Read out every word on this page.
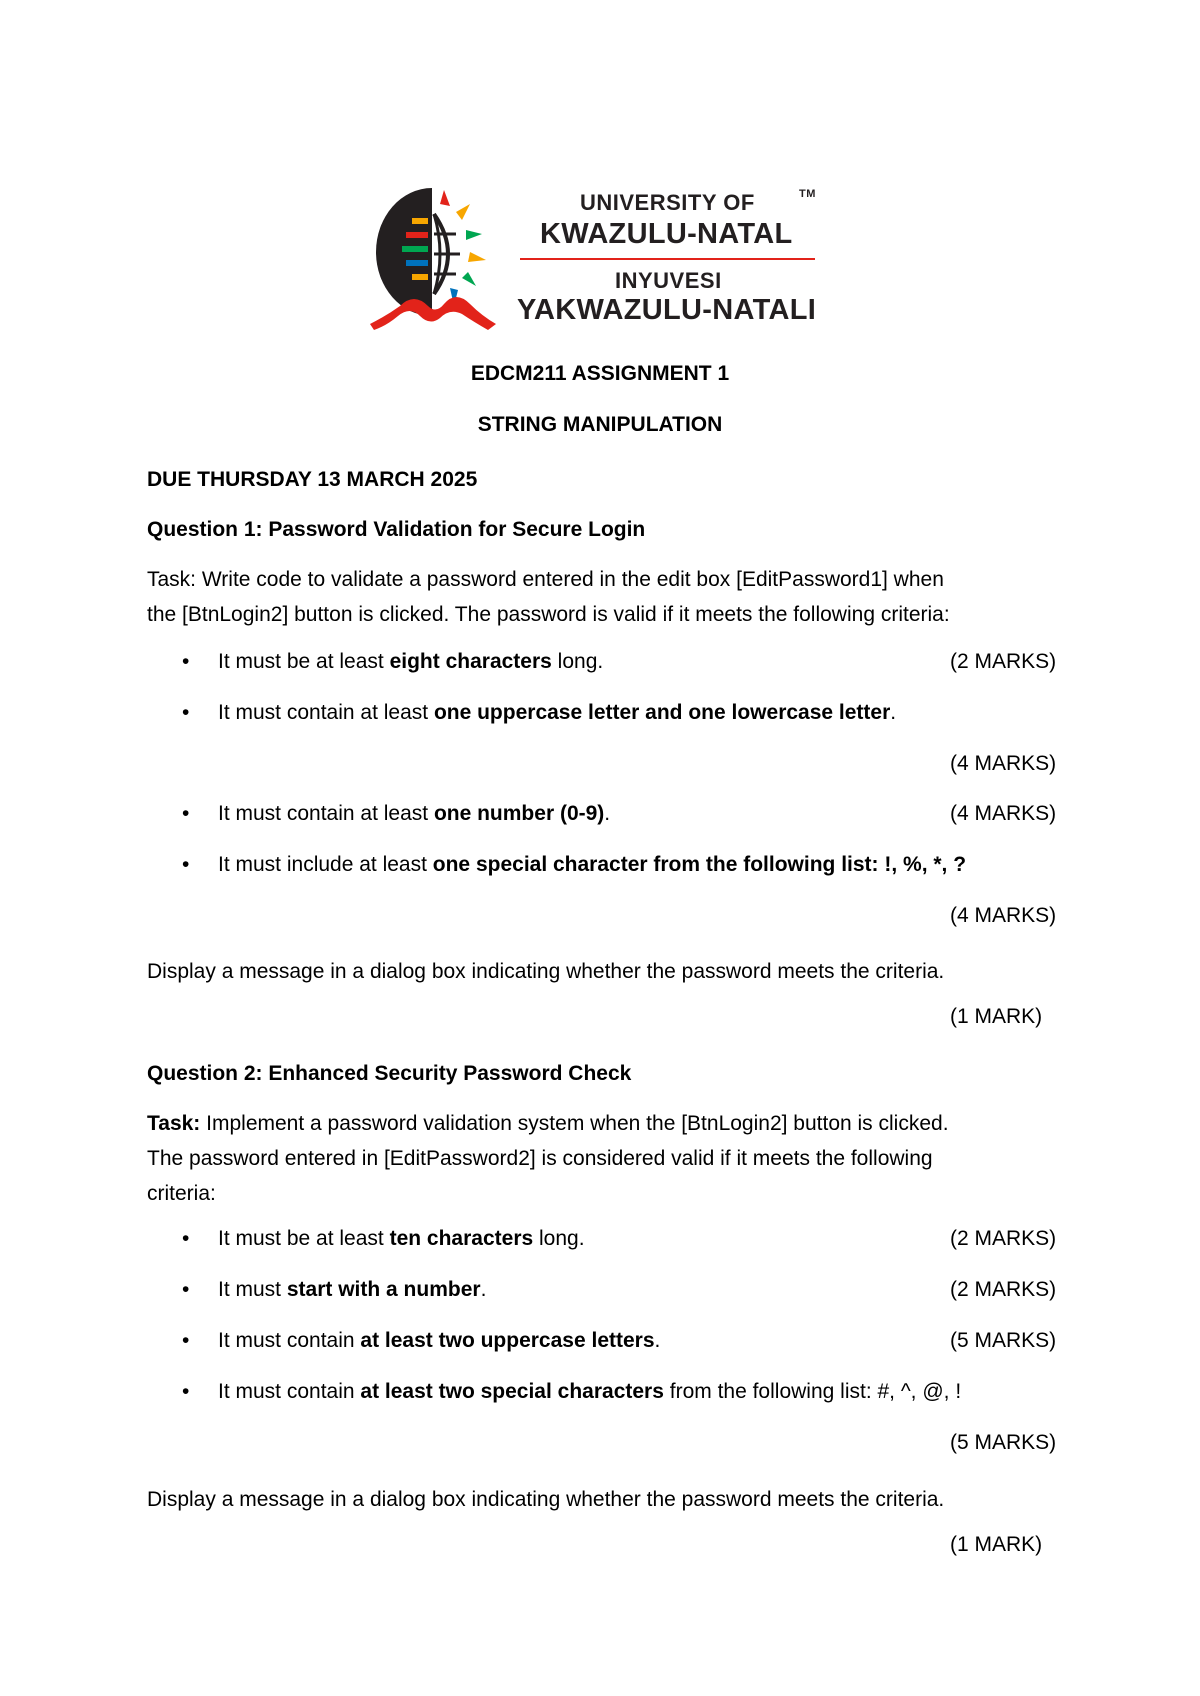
UNIVERSITY OF	TM
KWAZULU-NATAL
INYUVESI
YAKWAZULU-NATALI
EDCM211 ASSIGNMENT 1
STRING MANIPULATION
DUE THURSDAY 13 MARCH 2025
Question 1: Password Validation for Secure Login
Task: Write code to validate a password entered in the edit box [EditPassword1] when
the [BtnLogin2] button is clicked. The password is valid if it meets the following criteria:
• It must be at least eight characters long.	(2 MARKS)
• It must contain at least one uppercase letter and one lowercase letter.
(4 MARKS)
• It must contain at least one number (0-9).	(4 MARKS)
• It must include at least one special character from the following list: !, %, *, ?
(4 MARKS)
Display a message in a dialog box indicating whether the password meets the criteria.
(1 MARK)
Question 2: Enhanced Security Password Check
Task: Implement a password validation system when the [BtnLogin2] button is clicked.
The password entered in [EditPassword2] is considered valid if it meets the following
criteria:
• It must be at least ten characters long.	(2 MARKS)
• It must start with a number.	(2 MARKS)
• It must contain at least two uppercase letters.	(5 MARKS)
• It must contain at least two special characters from the following list: #, ^, @, !
(5 MARKS)
Display a message in a dialog box indicating whether the password meets the criteria.
(1 MARK)
